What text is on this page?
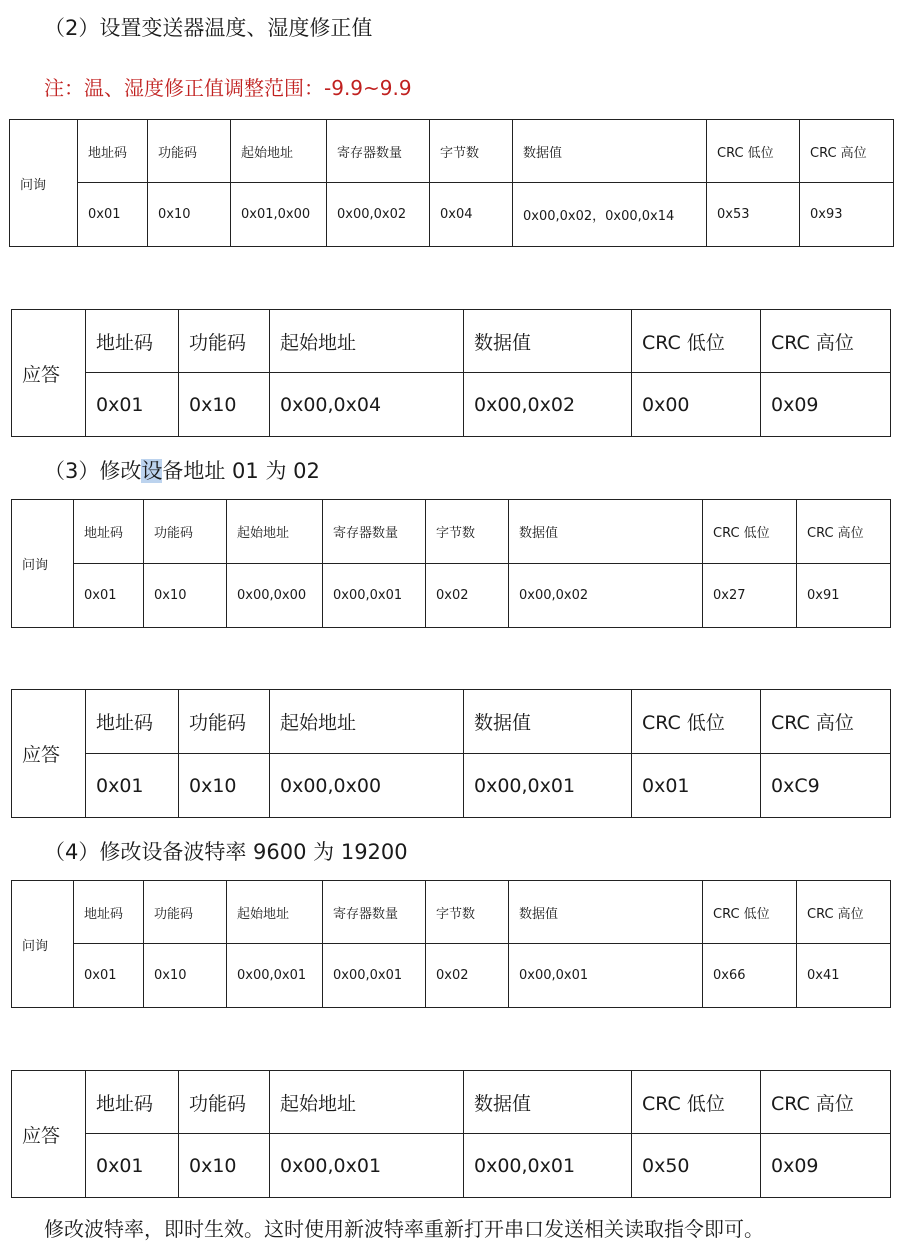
（2）设置变送器温度、湿度修正值
注：温、湿度修正值调整范围：-9.9~9.9
问询	地址码	功能码	起始地址	寄存器数量	字节数	数据值	CRC 低位	CRC 高位
	0x01	0x10	0x01,0x00	0x00,0x02	0x04	0x00,0x02，0x00,0x14	0x53	0x93
应答	地址码	功能码	起始地址	数据值	CRC 低位	CRC 高位
	0x01	0x10	0x00,0x04	0x00,0x02	0x00	0x09
（3）修改设备地址 01 为 02
问询	地址码	功能码	起始地址	寄存器数量	字节数	数据值	CRC 低位	CRC 高位
	0x01	0x10	0x00,0x00	0x00,0x01	0x02	0x00,0x02	0x27	0x91
应答	地址码	功能码	起始地址	数据值	CRC 低位	CRC 高位
	0x01	0x10	0x00,0x00	0x00,0x01	0x01	0xC9
（4）修改设备波特率 9600 为 19200
问询	地址码	功能码	起始地址	寄存器数量	字节数	数据值	CRC 低位	CRC 高位
	0x01	0x10	0x00,0x01	0x00,0x01	0x02	0x00,0x01	0x66	0x41
应答	地址码	功能码	起始地址	数据值	CRC 低位	CRC 高位
	0x01	0x10	0x00,0x01	0x00,0x01	0x50	0x09
修改波特率，即时生效。这时使用新波特率重新打开串口发送相关读取指令即可。
